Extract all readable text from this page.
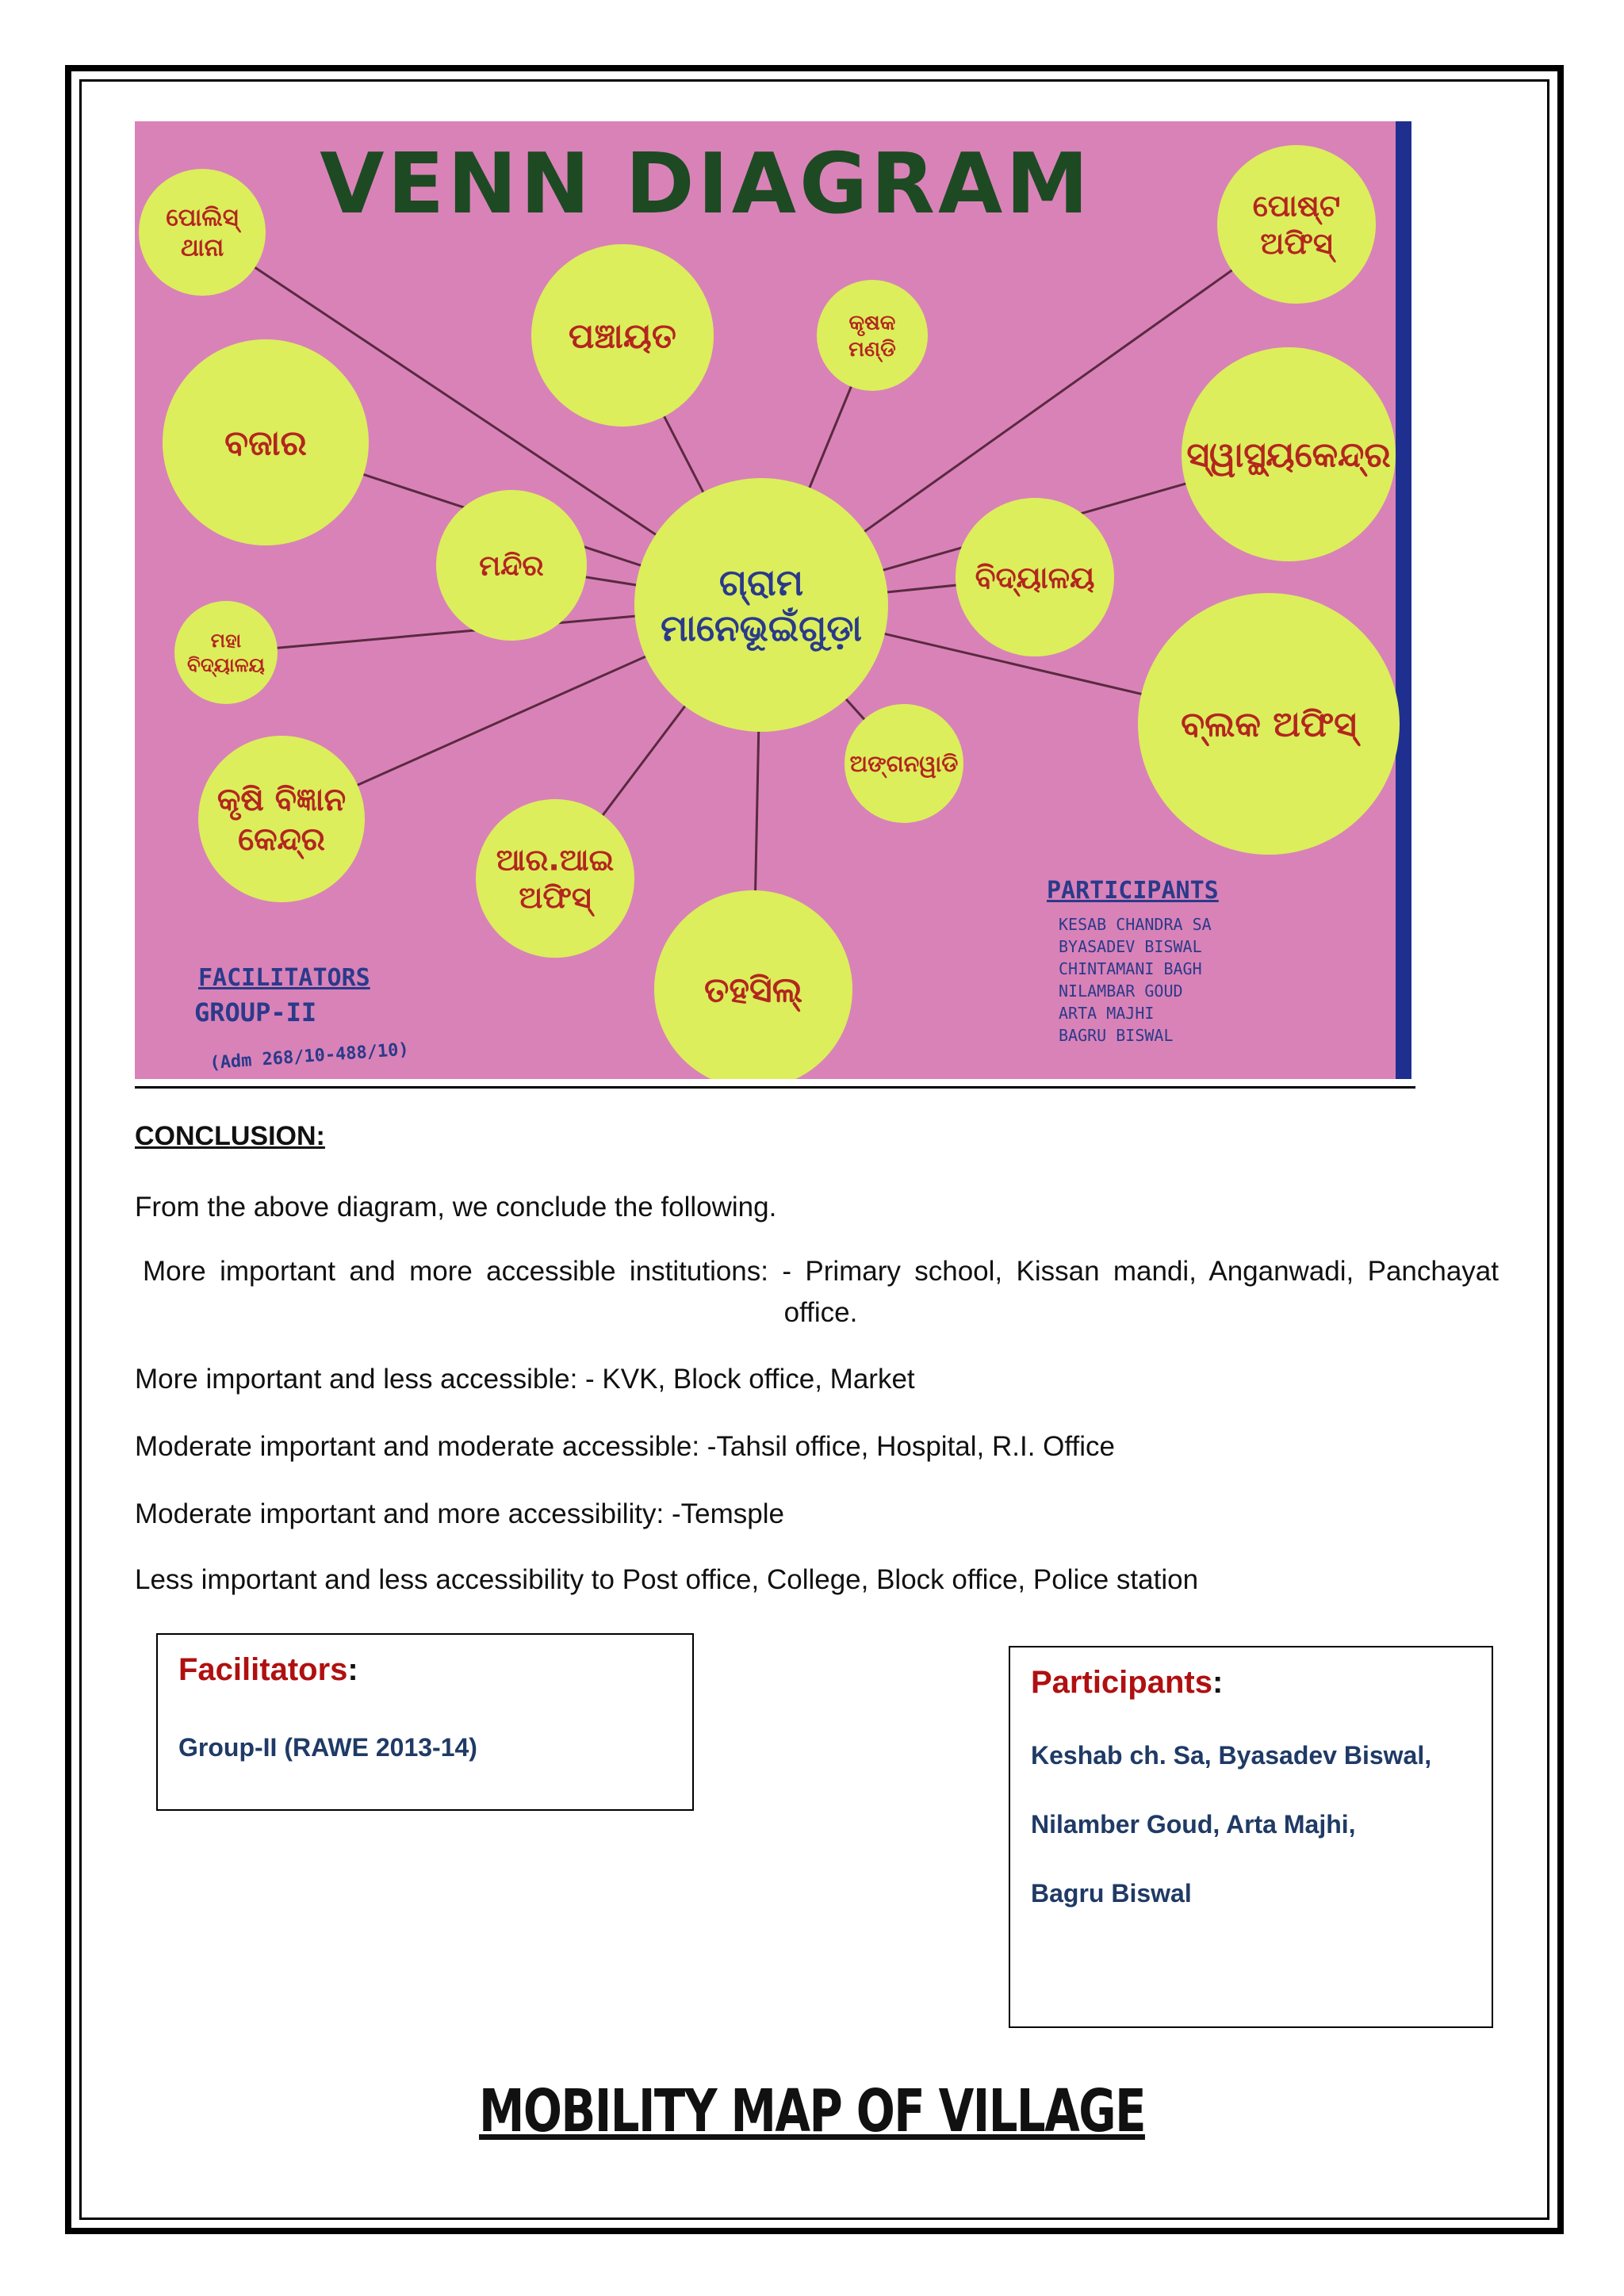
ପୋଲିସ୍
ଥାନା
ପଞ୍ଚାୟତ	କୃଷକ
ମଣ୍ଡି
ପୋଷ୍ଟ
ଅଫିସ୍
ବଜାର	ସ୍ୱାସ୍ଥ୍ୟକେନ୍ଦ୍ର
ମନ୍ଦିର	ବିଦ୍ୟାଳୟ
ମହା
ବିଦ୍ୟାଳୟ
ବ୍ଲକ ଅଫିସ୍
ଅଙ୍ଗନୱାଡି
କୃଷି ବିଜ୍ଞାନ
କେନ୍ଦ୍ର
ଆର.ଆଇ
ଅଫିସ୍
ତହସିଲ୍
ଗ୍ରାମ
ମାନେଭୂଇଁଗୁଡ଼ା
VENN DIAGRAM
PARTICIPANTS
KESAB CHANDRA SA
BYASADEV BISWAL
CHINTAMANI BAGH
NILAMBAR GOUD
ARTA MAJHI
BAGRU BISWAL
FACILITATORS
GROUP-II
(Adm 268/10-488/10)
CONCLUSION:
From the above diagram, we conclude the following.
More important and more accessible institutions: - Primary school, Kissan mandi, Anganwadi, Panchayat office.
More important and less accessible: - KVK, Block office, Market
Moderate important and moderate accessible: -Tahsil office, Hospital, R.I. Office
Moderate important and more accessibility: -Temsple
Less important and less accessibility to Post office, College, Block office, Police station
Facilitators:
Group-II (RAWE 2013-14)
Participants:
Keshab ch. Sa, Byasadev Biswal,
Nilamber Goud, Arta Majhi,
Bagru Biswal
MOBILITY MAP OF VILLAGE
